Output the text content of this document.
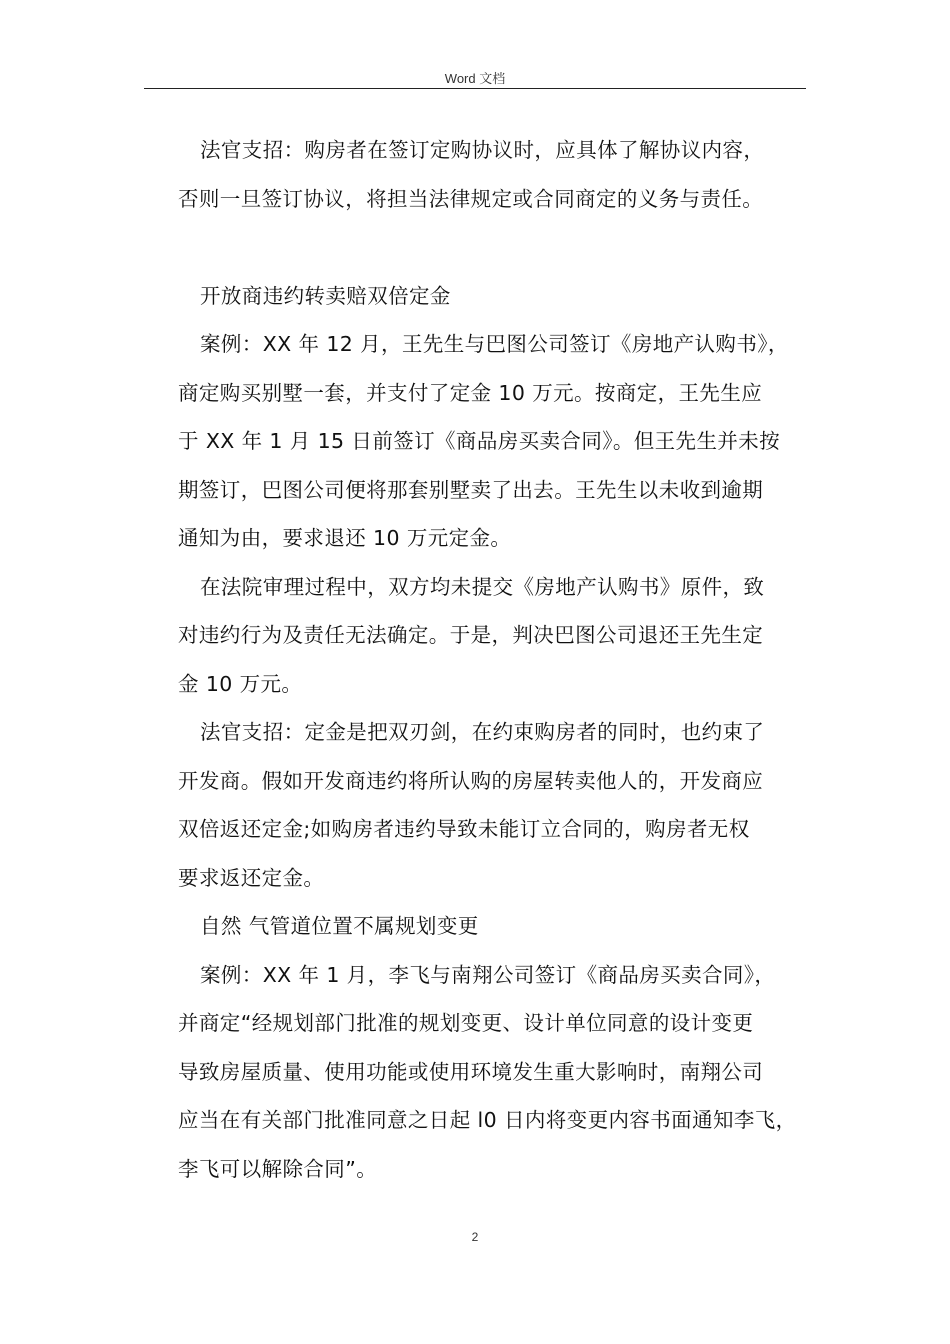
Word 文档
法官支招：购房者在签订定购协议时，应具体了解协议内容，
否则一旦签订协议，将担当法律规定或合同商定的义务与责任。
开放商违约转卖赔双倍定金
案例：XX 年 12 月，王先生与巴图公司签订《房地产认购书》，
商定购买别墅一套，并支付了定金 10 万元。按商定，王先生应
于 XX 年 1 月 15 日前签订《商品房买卖合同》。但王先生并未按
期签订，巴图公司便将那套别墅卖了出去。王先生以未收到逾期
通知为由，要求退还 10 万元定金。
在法院审理过程中，双方均未提交《房地产认购书》原件，致
对违约行为及责任无法确定。于是，判决巴图公司退还王先生定
金 10 万元。
法官支招：定金是把双刃剑，在约束购房者的同时，也约束了
开发商。假如开发商违约将所认购的房屋转卖他人的，开发商应
双倍返还定金;如购房者违约导致未能订立合同的，购房者无权
要求返还定金。
自然 气管道位置不属规划变更
案例：XX 年 1 月，李飞与南翔公司签订《商品房买卖合同》，
并商定“经规划部门批准的规划变更、设计单位同意的设计变更
导致房屋质量、使用功能或使用环境发生重大影响时，南翔公司
应当在有关部门批准同意之日起 l0 日内将变更内容书面通知李飞，
李飞可以解除合同”。
2
